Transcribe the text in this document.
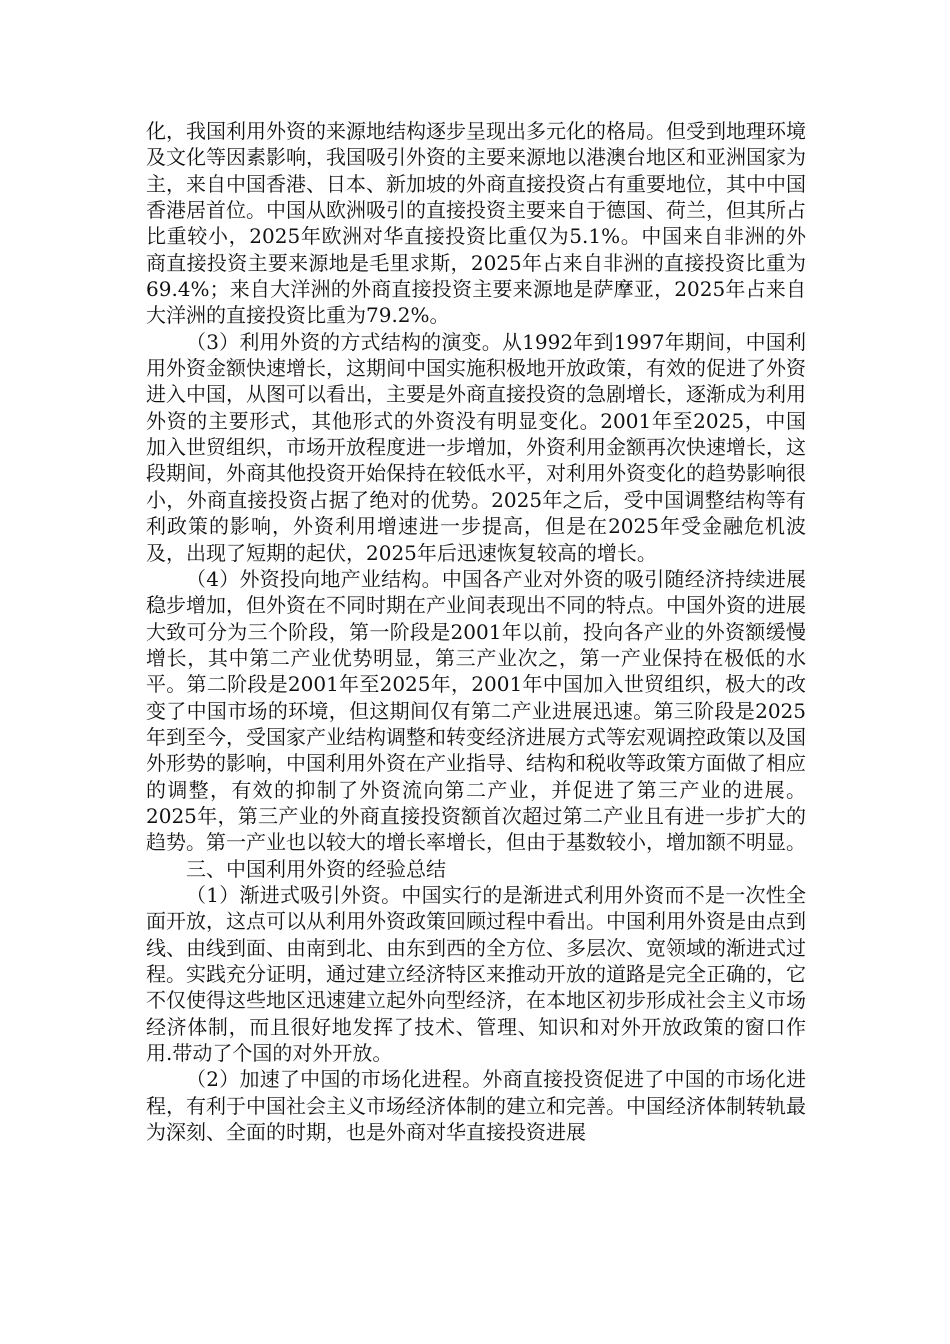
化，我国利用外资的来源地结构逐步呈现出多元化的格局。但受到地理环境及文化等因素影响，我国吸引外资的主要来源地以港澳台地区和亚洲国家为主，来自中国香港、日本、新加坡的外商直接投资占有重要地位，其中中国香港居首位。中国从欧洲吸引的直接投资主要来自于德国、荷兰，但其所占比重较小，2025年欧洲对华直接投资比重仅为5.1%。中国来自非洲的外商直接投资主要来源地是毛里求斯，2025年占来自非洲的直接投资比重为69.4%；来自大洋洲的外商直接投资主要来源地是萨摩亚，2025年占来自大洋洲的直接投资比重为79.2%。

（3）利用外资的方式结构的演变。从1992年到1997年期间，中国利用外资金额快速增长，这期间中国实施积极地开放政策，有效的促进了外资进入中国，从图可以看出，主要是外商直接投资的急剧增长，逐渐成为利用外资的主要形式，其他形式的外资没有明显变化。2001年至2025，中国加入世贸组织，市场开放程度进一步增加，外资利用金额再次快速增长，这段期间，外商其他投资开始保持在较低水平，对利用外资变化的趋势影响很小，外商直接投资占据了绝对的优势。2025年之后，受中国调整结构等有利政策的影响，外资利用增速进一步提高，但是在2025年受金融危机波及，出现了短期的起伏，2025年后迅速恢复较高的增长。

（4）外资投向地产业结构。中国各产业对外资的吸引随经济持续进展稳步增加，但外资在不同时期在产业间表现出不同的特点。中国外资的进展大致可分为三个阶段，第一阶段是2001年以前，投向各产业的外资额缓慢增长，其中第二产业优势明显，第三产业次之，第一产业保持在极低的水平。第二阶段是2001年至2025年，2001年中国加入世贸组织，极大的改变了中国市场的环境，但这期间仅有第二产业进展迅速。第三阶段是2025年到至今，受国家产业结构调整和转变经济进展方式等宏观调控政策以及国外形势的影响，中国利用外资在产业指导、结构和税收等政策方面做了相应的调整，有效的抑制了外资流向第二产业，并促进了第三产业的进展。2025年，第三产业的外商直接投资额首次超过第二产业且有进一步扩大的趋势。第一产业也以较大的增长率增长，但由于基数较小，增加额不明显。

三、中国利用外资的经验总结

（1）渐进式吸引外资。中国实行的是渐进式利用外资而不是一次性全面开放，这点可以从利用外资政策回顾过程中看出。中国利用外资是由点到线、由线到面、由南到北、由东到西的全方位、多层次、宽领域的渐进式过程。实践充分证明，通过建立经济特区来推动开放的道路是完全正确的，它不仅使得这些地区迅速建立起外向型经济，在本地区初步形成社会主义市场经济体制，而且很好地发挥了技术、管理、知识和对外开放政策的窗口作用.带动了个国的对外开放。

（2）加速了中国的市场化进程。外商直接投资促进了中国的市场化进程，有利于中国社会主义市场经济体制的建立和完善。中国经济体制转轨最为深刻、全面的时期，也是外商对华直接投资进展
